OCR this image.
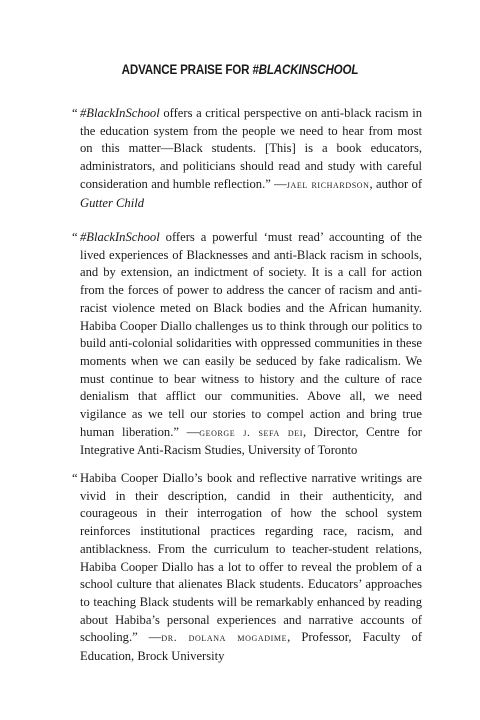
ADVANCE PRAISE FOR #BLACKINSCHOOL
“ #BlackInSchool offers a critical perspective on anti-black racism in the education system from the people we need to hear from most on this matter—Black students. [This] is a book educators, administrators, and politicians should read and study with careful consideration and humble reflection.” —jael richardson, author of Gutter Child
“ #BlackInSchool offers a powerful ‘must read’ accounting of the lived experiences of Blacknesses and anti-Black racism in schools, and by extension, an indictment of society. It is a call for action from the forces of power to address the cancer of racism and anti-racist violence meted on Black bodies and the African humanity. Habiba Cooper Diallo challenges us to think through our politics to build anti-colonial solidarities with oppressed communities in these moments when we can easily be seduced by fake radicalism. We must continue to bear witness to history and the culture of race denialism that afflict our communities. Above all, we need vigilance as we tell our stories to compel action and bring true human liberation.” —george j. sefa dei, Director, Centre for Integrative Anti-Racism Studies, University of Toronto
“ Habiba Cooper Diallo’s book and reflective narrative writings are vivid in their description, candid in their authenticity, and courageous in their interrogation of how the school system reinforces institutional practices regarding race, racism, and antiblackness. From the curriculum to teacher-student relations, Habiba Cooper Diallo has a lot to offer to reveal the problem of a school culture that alienates Black students. Educators’ approaches to teaching Black students will be remarkably enhanced by reading about Habiba’s personal experiences and narrative accounts of schooling.” —dr. dolana mogadime, Professor, Faculty of Education, Brock University
